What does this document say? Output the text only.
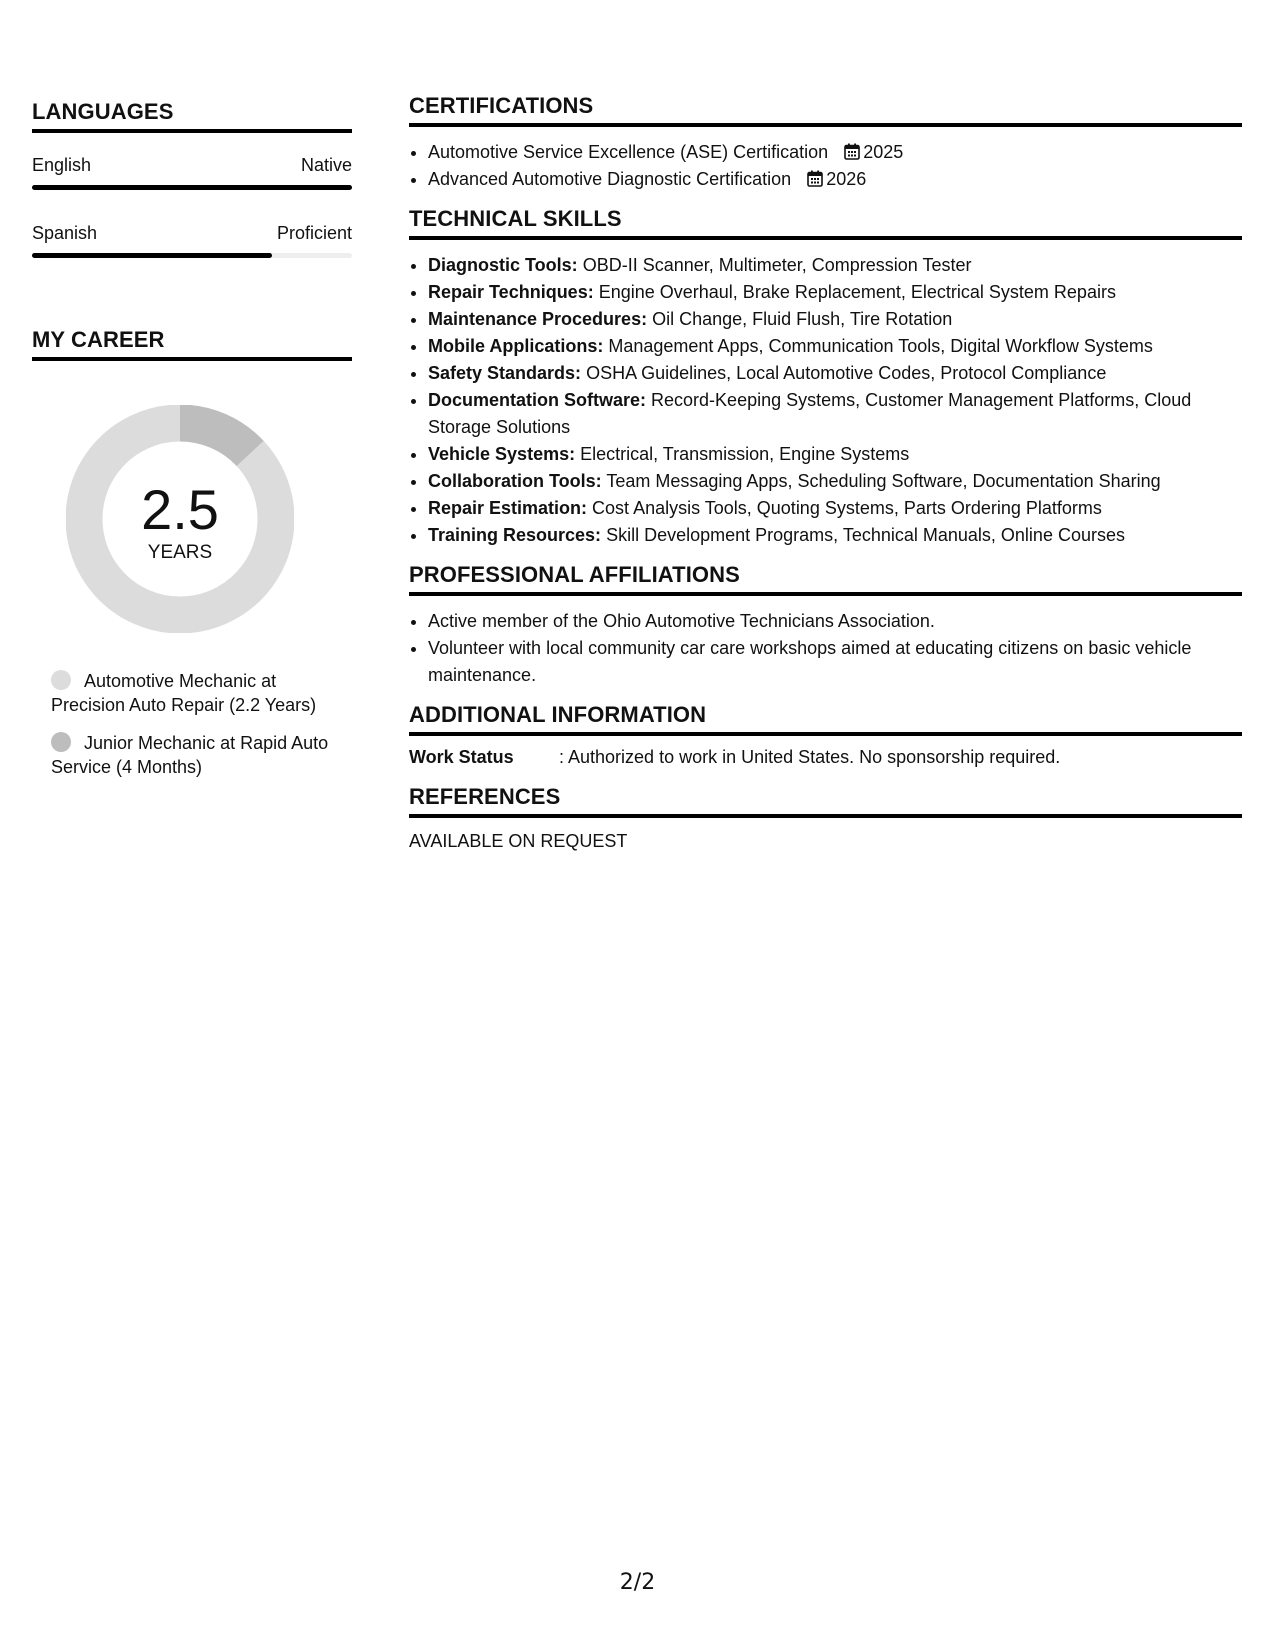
LANGUAGES
English	Native
Spanish	Proficient
MY CAREER
2.5
YEARS
Automotive Mechanic at Precision Auto Repair (2.2 Years)
Junior Mechanic at Rapid Auto Service (4 Months)
CERTIFICATIONS
• Automotive Service Excellence (ASE) Certification 2025
• Advanced Automotive Diagnostic Certification 2026
TECHNICAL SKILLS
• Diagnostic Tools: OBD-II Scanner, Multimeter, Compression Tester
• Repair Techniques: Engine Overhaul, Brake Replacement, Electrical System Repairs
• Maintenance Procedures: Oil Change, Fluid Flush, Tire Rotation
• Mobile Applications: Management Apps, Communication Tools, Digital Workflow Systems
• Safety Standards: OSHA Guidelines, Local Automotive Codes, Protocol Compliance
• Documentation Software: Record-Keeping Systems, Customer Management Platforms, Cloud Storage Solutions
• Vehicle Systems: Electrical, Transmission, Engine Systems
• Collaboration Tools: Team Messaging Apps, Scheduling Software, Documentation Sharing
• Repair Estimation: Cost Analysis Tools, Quoting Systems, Parts Ordering Platforms
• Training Resources: Skill Development Programs, Technical Manuals, Online Courses
PROFESSIONAL AFFILIATIONS
• Active member of the Ohio Automotive Technicians Association.
• Volunteer with local community car care workshops aimed at educating citizens on basic vehicle maintenance.
ADDITIONAL INFORMATION
Work Status	: Authorized to work in United States. No sponsorship required.
REFERENCES
AVAILABLE ON REQUEST
2/2
